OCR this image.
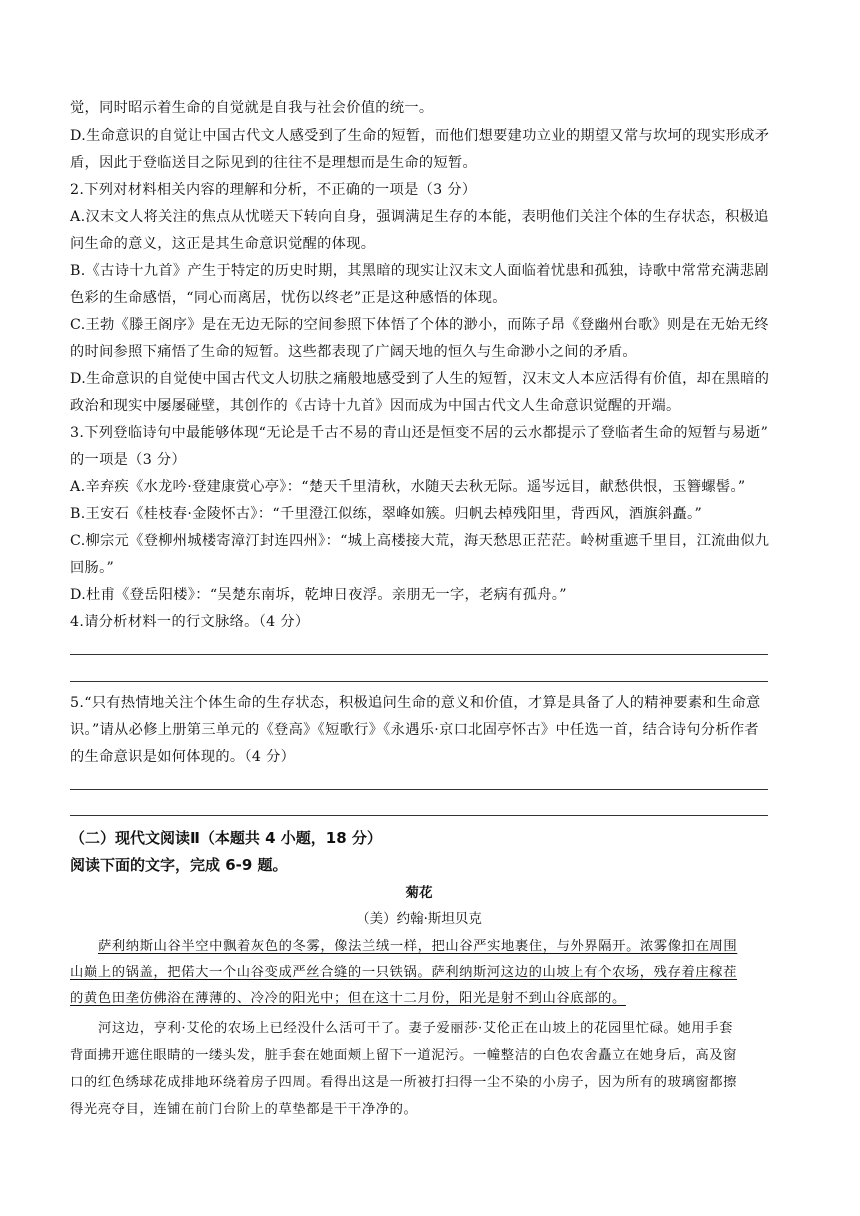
觉，同时昭示着生命的自觉就是自我与社会价值的统一。
D.生命意识的自觉让中国古代文人感受到了生命的短暂，而他们想要建功立业的期望又常与坎坷的现实形成矛
盾，因此于登临送目之际见到的往往不是理想而是生命的短暂。
2.下列对材料相关内容的理解和分析，不正确的一项是（3 分）
A.汉末文人将关注的焦点从忧嗟天下转向自身，强调满足生存的本能，表明他们关注个体的生存状态，积极追
问生命的意义，这正是其生命意识觉醒的体现。
B.《古诗十九首》产生于特定的历史时期，其黑暗的现实让汉末文人面临着忧患和孤独，诗歌中常常充满悲剧
色彩的生命感悟，“同心而离居，忧伤以终老”正是这种感悟的体现。
C.王勃《滕王阁序》是在无边无际的空间参照下体悟了个体的渺小，而陈子昂《登幽州台歌》则是在无始无终
的时间参照下痛悟了生命的短暂。这些都表现了广阔天地的恒久与生命渺小之间的矛盾。
D.生命意识的自觉使中国古代文人切肤之痛般地感受到了人生的短暂，汉末文人本应活得有价值，却在黑暗的
政治和现实中屡屡碰壁，其创作的《古诗十九首》因而成为中国古代文人生命意识觉醒的开端。
3.下列登临诗句中最能够体现“无论是千古不易的青山还是恒变不居的云水都提示了登临者生命的短暂与易逝”
的一项是（3 分）
A.辛弃疾《水龙吟·登建康赏心亭》：“楚天千里清秋，水随天去秋无际。遥岑远目，献愁供恨，玉簪螺髻。”
B.王安石《桂枝春·金陵怀古》：“千里澄江似练，翠峰如簇。归帆去棹残阳里，背西风，酒旗斜矗。”
C.柳宗元《登柳州城楼寄漳汀封连四州》：“城上高楼接大荒，海天愁思正茫茫。岭树重遮千里目，江流曲似九
回肠。”
D.杜甫《登岳阳楼》：“吴楚东南坼，乾坤日夜浮。亲朋无一字，老病有孤舟。”
4.请分析材料一的行文脉络。（4 分）
5.“只有热情地关注个体生命的生存状态，积极追问生命的意义和价值，才算是具备了人的精神要素和生命意
识。”请从必修上册第三单元的《登高》《短歌行》《永遇乐·京口北固亭怀古》中任选一首，结合诗句分析作者
的生命意识是如何体现的。（4 分）
（二）现代文阅读Ⅱ（本题共 4 小题，18 分）
阅读下面的文字，完成 6-9 题。
菊花
（美）约翰·斯坦贝克
萨利纳斯山谷半空中飘着灰色的冬雾，像法兰绒一样，把山谷严实地裹住，与外界隔开。浓雾像扣在周围
山巅上的锅盖，把偌大一个山谷变成严丝合缝的一只铁锅。萨利纳斯河这边的山坡上有个农场，残存着庄稼茬
的黄色田垄仿佛浴在薄薄的、冷冷的阳光中；但在这十二月份，阳光是射不到山谷底部的。
河这边，亨利·艾伦的农场上已经没什么活可干了。妻子爱丽莎·艾伦正在山坡上的花园里忙碌。她用手套
背面拂开遮住眼睛的一缕头发，脏手套在她面颊上留下一道泥污。一幢整洁的白色农舍矗立在她身后，高及窗
口的红色绣球花成排地环绕着房子四周。看得出这是一所被打扫得一尘不染的小房子，因为所有的玻璃窗都擦
得光亮夺目，连铺在前门台阶上的草垫都是干干净净的。
